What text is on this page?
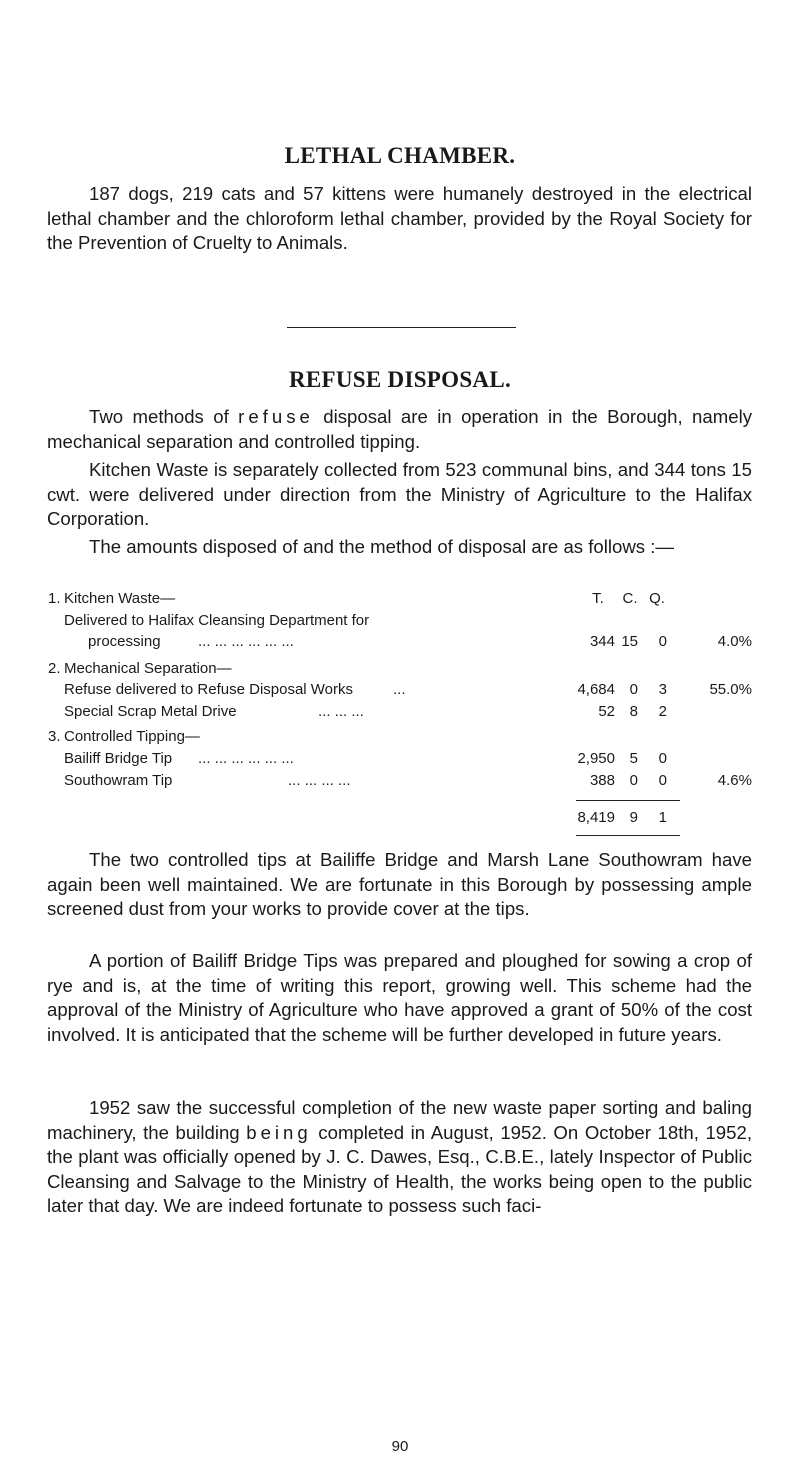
LETHAL CHAMBER.

187 dogs, 219 cats and 57 kittens were humanely destroyed in the electrical lethal chamber and the chloroform lethal chamber, provided by the Royal Society for the Prevention of Cruelty to Animals.

REFUSE DISPOSAL.

Two methods of refuse disposal are in operation in the Borough, namely mechanical separation and controlled tipping.

Kitchen Waste is separately collected from 523 communal bins, and 344 tons 15 cwt. were delivered under direction from the Ministry of Agriculture to the Halifax Corporation.

The amounts disposed of and the method of disposal are as follows :—

T. C. Q.
1. Kitchen Waste—
Delivered to Halifax Cleansing Department for
processing ... ... ... ... ... ...	344 15	0	4.0%
2. Mechanical Separation—
Refuse delivered to Refuse Disposal Works	...	4,684 0	3	55.0%
Special Scrap Metal Drive	... ... ...	52 8	2
3. Controlled Tipping—
Bailiff Bridge Tip ... ... ... ... ... ...	2,950 5	0
Southowram Tip	... ... ... ...	388 0	0	4.6%
8,419 9	1

The two controlled tips at Bailiffe Bridge and Marsh Lane Southowram have again been well maintained. We are fortunate in this Borough by possessing ample screened dust from your works to provide cover at the tips.

A portion of Bailiff Bridge Tips was prepared and ploughed for sowing a crop of rye and is, at the time of writing this report, growing well. This scheme had the approval of the Ministry of Agriculture who have approved a grant of 50% of the cost involved. It is anticipated that the scheme will be further developed in future years.

1952 saw the successful completion of the new waste paper sorting and baling machinery, the building being completed in August, 1952. On October 18th, 1952, the plant was officially opened by J. C. Dawes, Esq., C.B.E., lately Inspector of Public Cleansing and Salvage to the Ministry of Health, the works being open to the public later that day. We are indeed fortunate to possess such faci-

90
